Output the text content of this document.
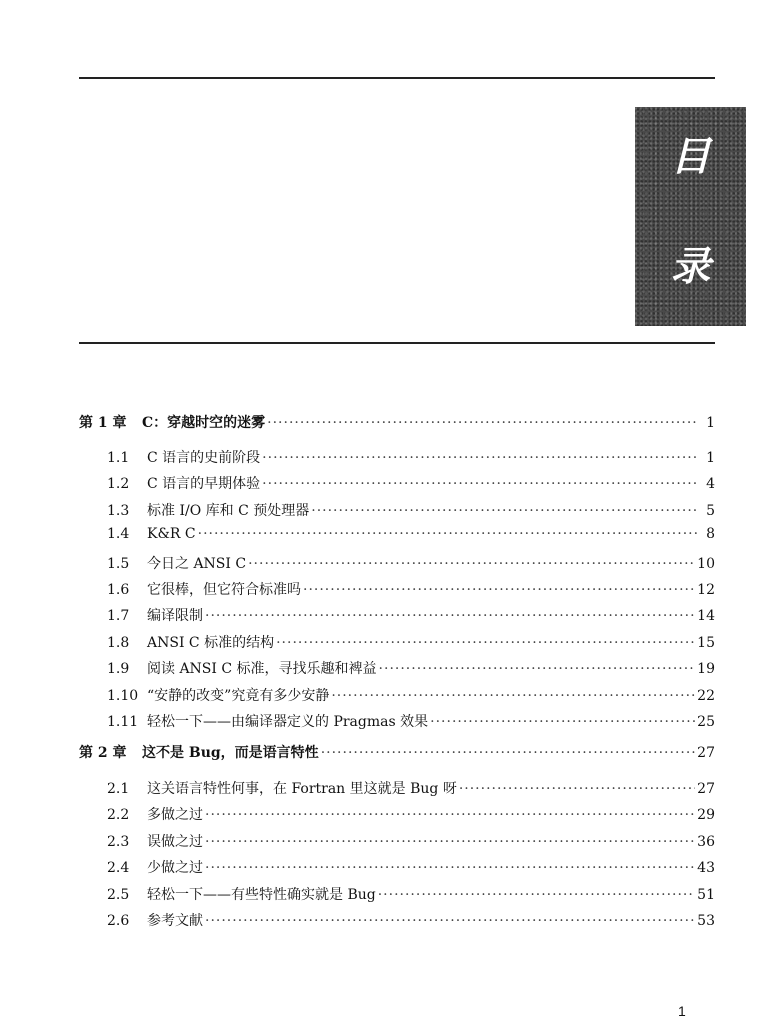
目
录
第 1 章	C：穿越时空的迷雾 ·····	1
1.1	C 语言的史前阶段 ·····	1
1.2	C 语言的早期体验 ·····	4
1.3	标准 I/O 库和 C 预处理器 ·····	5
1.4	K&R C ·····	8
1.5	今日之 ANSI C ·····	10
1.6	它很棒，但它符合标准吗 ·····	12
1.7	编译限制 ·····	14
1.8	ANSI C 标准的结构 ·····	15
1.9	阅读 ANSI C 标准，寻找乐趣和裨益 ·····	19
1.10 “安静的改变”究竟有多少安静 ·····	22
1.11 轻松一下——由编译器定义的 Pragmas 效果 ·····	25
第 2 章	这不是 Bug，而是语言特性 ·····	27
2.1	这关语言特性何事，在 Fortran 里这就是 Bug 呀 ·····	27
2.2	多做之过 ·····	29
2.3	误做之过 ·····	36
2.4	少做之过 ·····	43
2.5	轻松一下——有些特性确实就是 Bug ·····	51
2.6	参考文献 ·····	53
1
